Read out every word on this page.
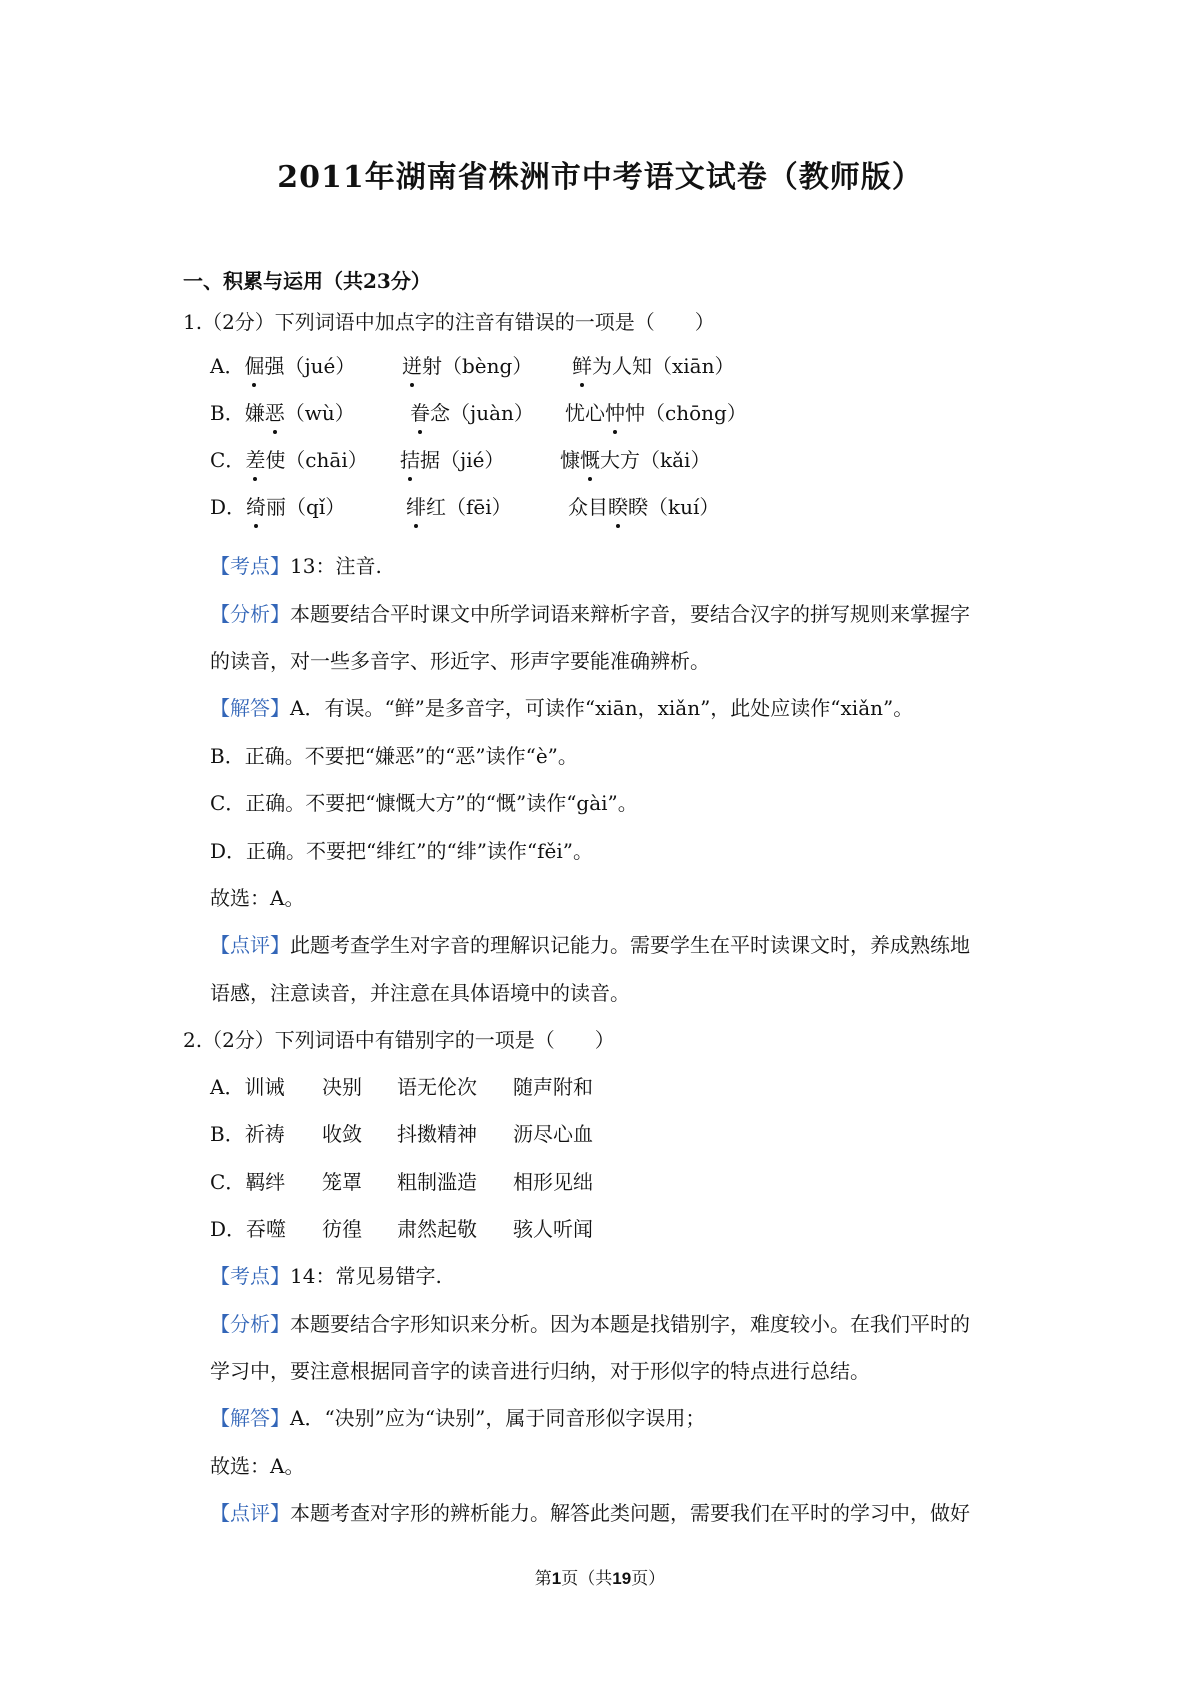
2011年湖南省株洲市中考语文试卷（教师版）
一、积累与运用（共23分）
1.（2分）下列词语中加点字的注音有错误的一项是（　　）
A．倔强（jué） 迸射（bèng） 鲜为人知（xiān）
B．嫌恶（wù）	眷念（juàn） 忧心忡忡（chōng）
C．差使（chāi） 拮据（jié）	慷慨大方（kǎi）
D．绮丽（qǐ）	绯红（fēi）	众目睽睽（kuí）
【考点】13：注音.
【分析】本题要结合平时课文中所学词语来辩析字音，要结合汉字的拼写规则来掌握字
的读音，对一些多音字、形近字、形声字要能准确辨析。
【解答】A．有误。“鲜”是多音字，可读作“xiān，xiǎn”，此处应读作“xiǎn”。
B．正确。不要把“嫌恶”的“恶”读作“è”。
C．正确。不要把“慷慨大方”的“慨”读作“gài”。
D．正确。不要把“绯红”的“绯”读作“fěi”。
故选：A。
【点评】此题考查学生对字音的理解识记能力。需要学生在平时读课文时，养成熟练地
语感，注意读音，并注意在具体语境中的读音。
2.（2分）下列词语中有错别字的一项是（　　）
A．训诫 决别 语无伦次 随声附和
B．祈祷 收敛 抖擞精神 沥尽心血
C．羁绊 笼罩 粗制滥造 相形见绌
D．吞噬 彷徨 肃然起敬 骇人听闻
【考点】14：常见易错字.
【分析】本题要结合字形知识来分析。因为本题是找错别字，难度较小。在我们平时的
学习中，要注意根据同音字的读音进行归纳，对于形似字的特点进行总结。
【解答】A．“决别”应为“诀别”，属于同音形似字误用；
故选：A。
【点评】本题考查对字形的辨析能力。解答此类问题，需要我们在平时的学习中，做好
第1页（共19页）
